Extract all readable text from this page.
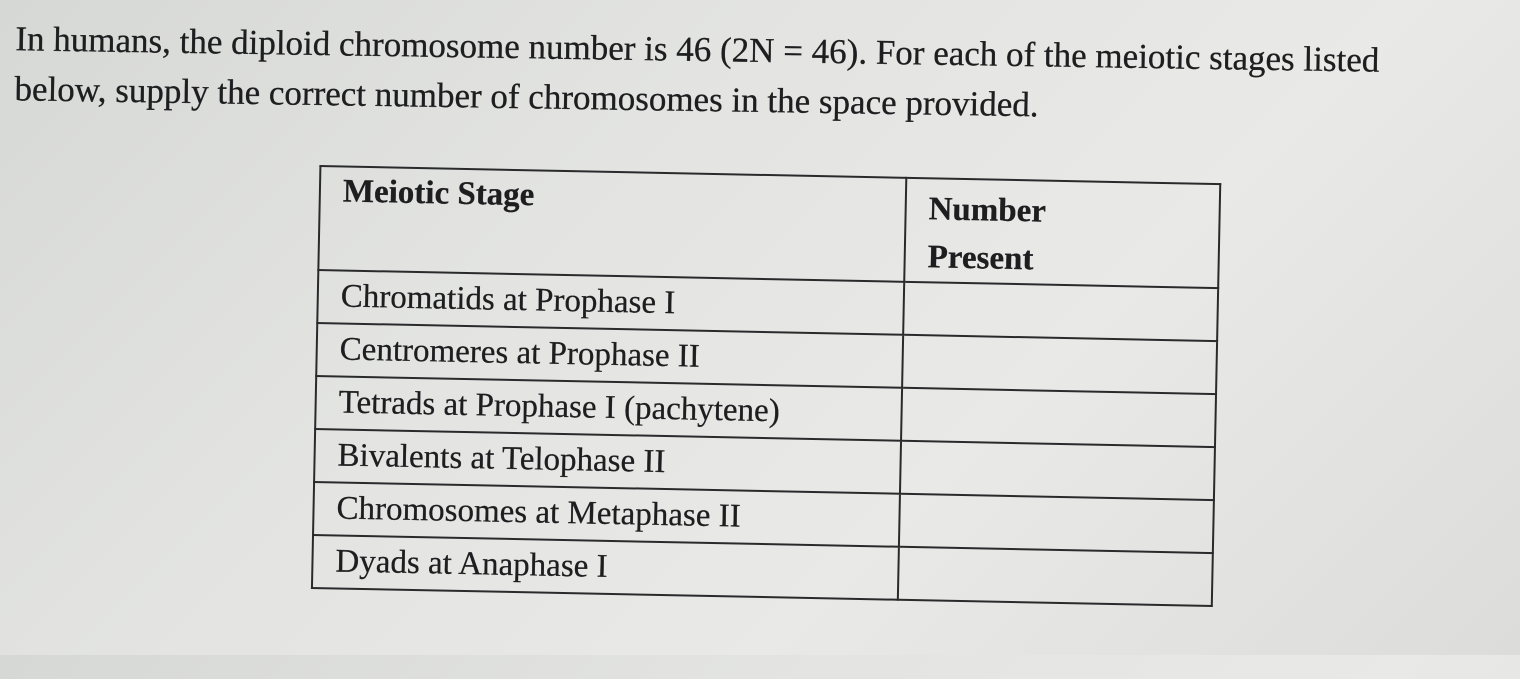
In humans, the diploid chromosome number is 46 (2N = 46). For each of the meiotic stages listed
below, supply the correct number of chromosomes in the space provided.

Meiotic Stage	Number
Present

Chromatids at Prophase I	
Centromeres at Prophase II	
Tetrads at Prophase I (pachytene)	
Bivalents at Telophase II	
Chromosomes at Metaphase II	
Dyads at Anaphase I	
